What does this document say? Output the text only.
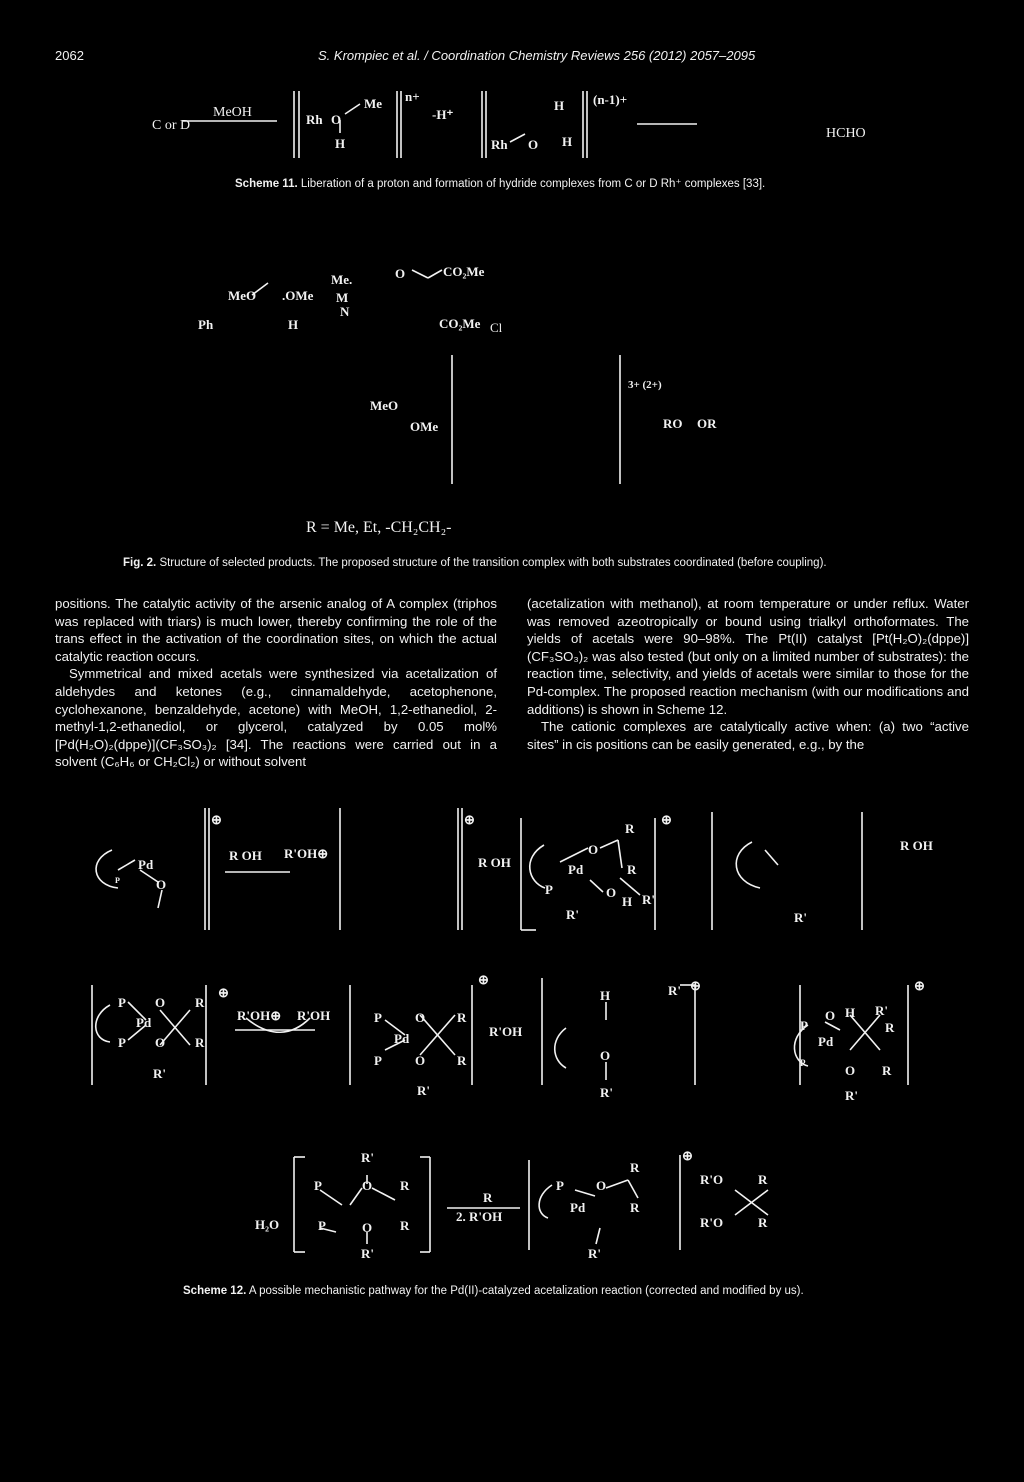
2062	S. Krompiec et al. / Coordination Chemistry Reviews 256 (2012) 2057–2095
C or D
MeOH	Rh O
Me
H
n+
-H⁺
H
Rh O H
(n-1)+
HCHO
Scheme 11. Liberation of a proton and formation of hydride complexes from C or D Rh⁺ complexes [33].
Me.
MeO .OMe M
N
Ph	H
O	CO₂Me
CO₂Me Cl
MeO
OMe
3+ (2+)
RO OR
R = Me, Et, -CH₂CH₂-
Fig. 2. Structure of selected products. The proposed structure of the transition complex with both substrates coordinated (before coupling).

positions. The catalytic activity of the arsenic analog of A complex (triphos was replaced with triars) is much lower, thereby confirming the role of the trans effect in the activation of the coordination sites, on which the actual catalytic reaction occurs.

Symmetrical and mixed acetals were synthesized via acetalization of aldehydes and ketones (e.g., cinnamaldehyde, acetophenone, cyclohexanone, benzaldehyde, acetone) with MeOH, 1,2-ethanediol, 2-methyl-1,2-ethanediol, or glycerol, catalyzed by 0.05 mol% [Pd(H₂O)₂(dppe)](CF₃SO₃)₂ [34]. The reactions were carried out in a solvent (C₆H₆ or CH₂Cl₂) or without solvent

(acetalization with methanol), at room temperature or under reflux. Water was removed azeotropically or bound using trialkyl orthoformates. The yields of acetals were 90–98%. The Pt(II) catalyst [Pt(H₂O)₂(dppe)](CF₃SO₃)₂ was also tested (but only on a limited number of substrates): the reaction time, selectivity, and yields of acetals were similar to those for the Pd-complex. The proposed reaction mechanism (with our modifications and additions) is shown in Scheme 12.

The cationic complexes are catalytically active when: (a) two “active sites” in cis positions can be easily generated, e.g., by the

Pd
P	O
R OH R'OH⊕
⊕
R OH
⊕
R
O
Pd	R
P	O
H
R'
R'
⊕
R'
R OH
P O R
Pd
P O R
R'
⊕
R'OH⊕ R'OH	P	O R
Pd
P	O R
R'
⊕
R'OH
H
O
R'
R' ⊕
P
O H R'
Pd
R
P	O R
R'
⊕
R'
P	O R
H₂O	P	O R
R'
R
2. R'OH
P O
R
Pd	R
R'
⊕
R'O	R
R'O	R
Scheme 12. A possible mechanistic pathway for the Pd(II)-catalyzed acetalization reaction (corrected and modified by us).
